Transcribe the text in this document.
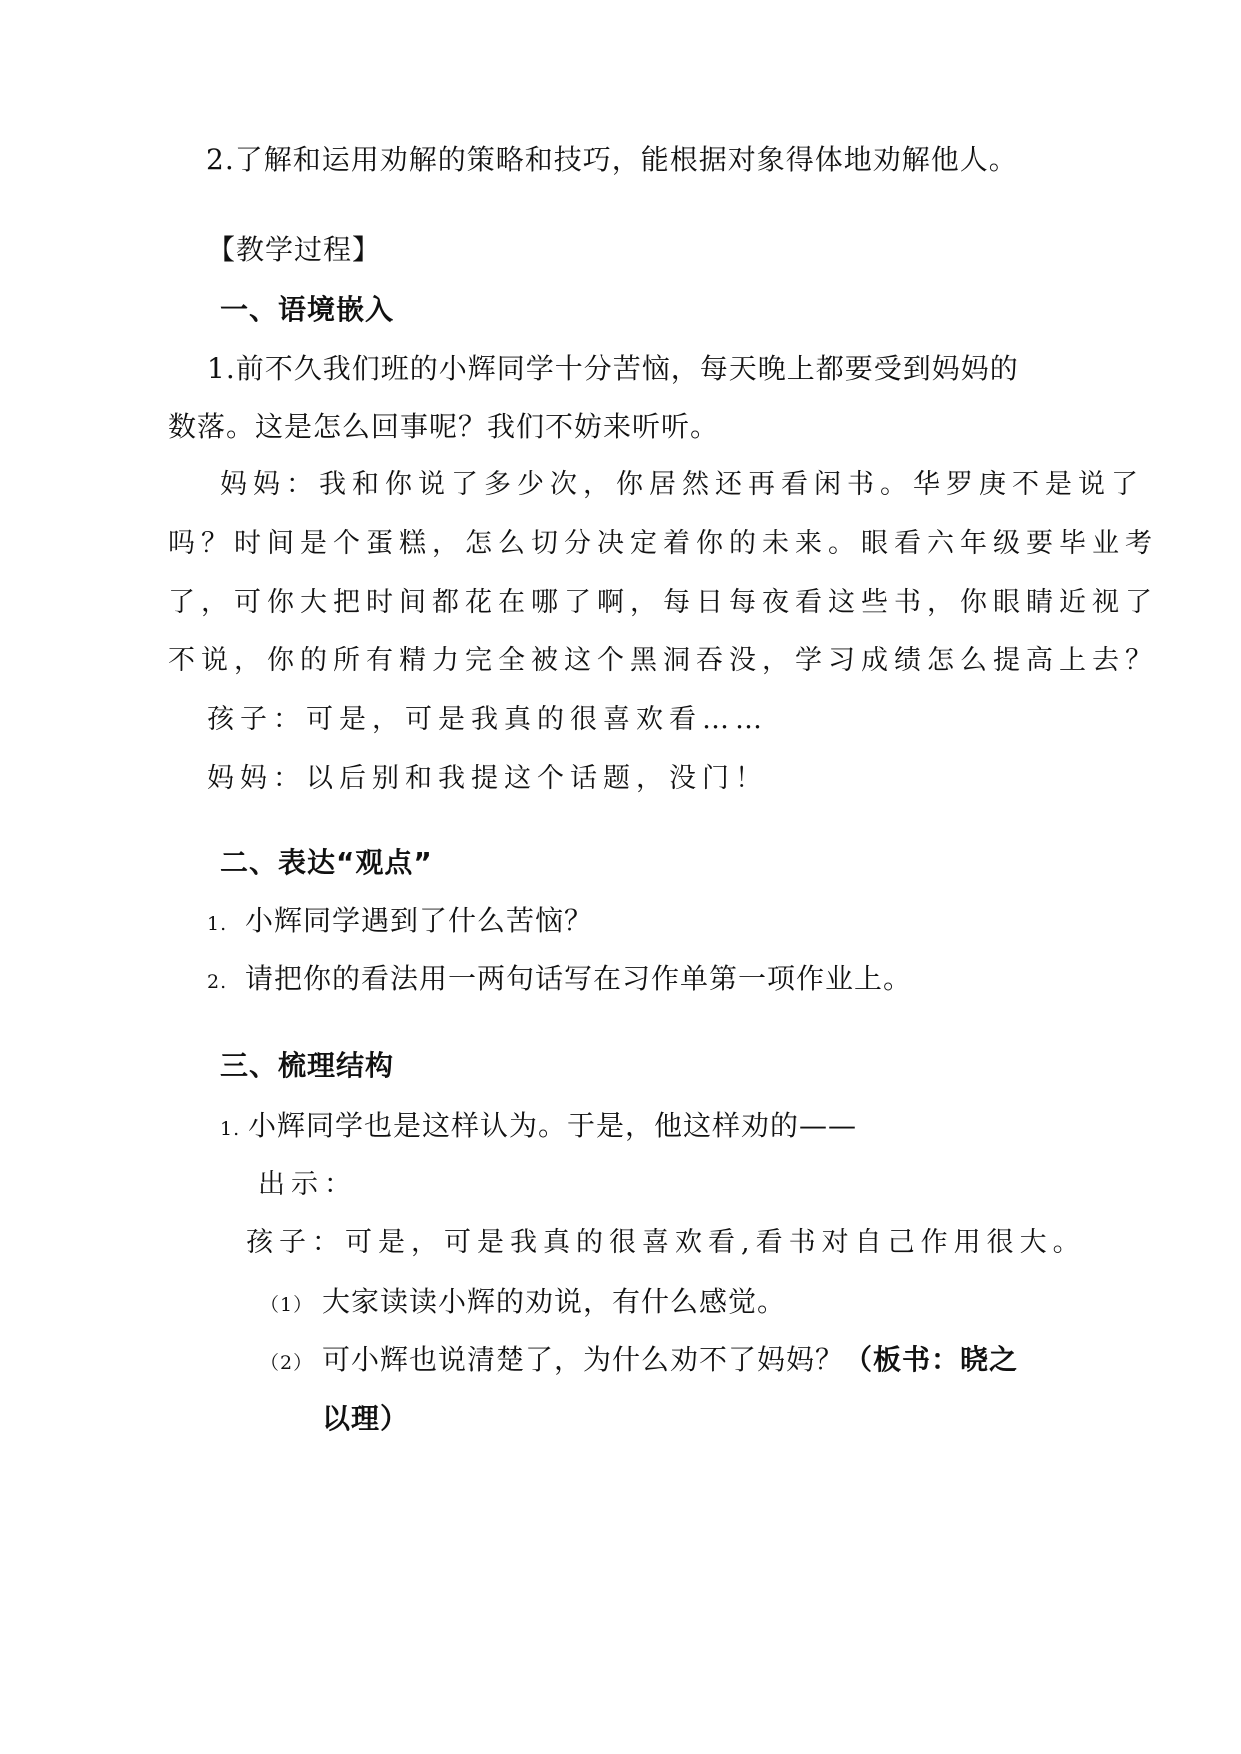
2.了解和运用劝解的策略和技巧，能根据对象得体地劝解他人。
【教学过程】
一、语境嵌入
1.前不久我们班的小辉同学十分苦恼，每天晚上都要受到妈妈的
数落。这是怎么回事呢？我们不妨来听听。
妈妈：我和你说了多少次，你居然还再看闲书。华罗庚不是说了
吗？时间是个蛋糕，怎么切分决定着你的未来。眼看六年级要毕业考
了，可你大把时间都花在哪了啊，每日每夜看这些书，你眼睛近视了
不说，你的所有精力完全被这个黑洞吞没，学习成绩怎么提高上去？
孩子：可是，可是我真的很喜欢看……
妈妈：以后别和我提这个话题，没门！
二、表达“观点”
1. 小辉同学遇到了什么苦恼？
2. 请把你的看法用一两句话写在习作单第一项作业上。
三、梳理结构
1. 小辉同学也是这样认为。于是，他这样劝的——
出示：
孩子：可是，可是我真的很喜欢看,看书对自己作用很大。
（1） 大家读读小辉的劝说，有什么感觉。
（2） 可小辉也说清楚了，为什么劝不了妈妈？（板书：晓之
以理）
